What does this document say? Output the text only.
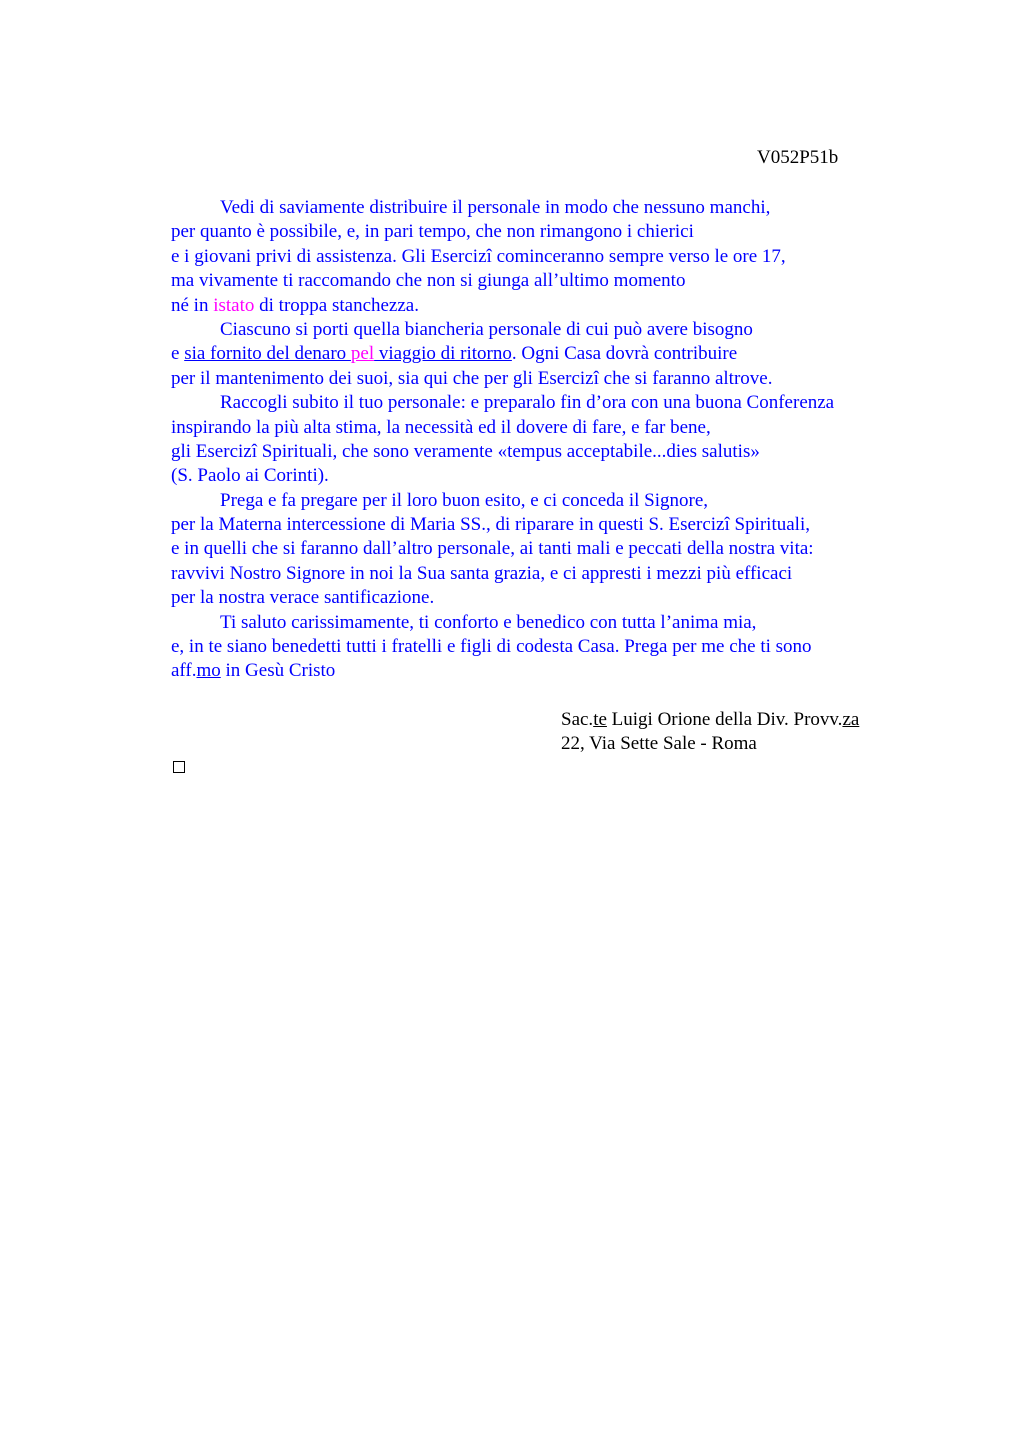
V052P51b
Vedi di saviamente distribuire il personale in modo che nessuno manchi,
per quanto è possibile, e, in pari tempo, che non rimangono i chierici
e i giovani privi di assistenza. Gli Esercizi cominceranno sempre verso le ore 17,
ma vivamente ti raccomando che non si giunga all’ultimo momento
né in istato di troppa stanchezza.
Ciascuno si porti quella biancheria personale di cui può avere bisogno
e sia fornito del denaro pel viaggio di ritorno. Ogni Casa dovrà contribuire
per il mantenimento dei suoi, sia qui che per gli Esercizi che si faranno altrove.
Raccogli subito il tuo personale: e preparalo fin d’ora con una buona Conferenza
inspirando la più alta stima, la necessità ed il dovere di fare, e far bene,
gli Esercizi Spirituali, che sono veramente «tempus acceptabile...dies salutis»
(S. Paolo ai Corinti).
Prega e fa pregare per il loro buon esito, e ci conceda il Signore,
per la Materna intercessione di Maria SS., di riparare in questi S. Esercizi Spirituali,
e in quelli che si faranno dall’altro personale, ai tanti mali e peccati della nostra vita:
ravvivi Nostro Signore in noi la Sua santa grazia, e ci appresti i mezzi più efficaci
per la nostra verace santificazione.
Ti saluto carissimamente, ti conforto e benedico con tutta l’anima mia,
e, in te siano benedetti tutti i fratelli e figli di codesta Casa. Prega per me che ti sono
aff.mo in Gesù Cristo
Sac.te Luigi Orione della Div. Provv.za
22, Via Sette Sale - Roma
